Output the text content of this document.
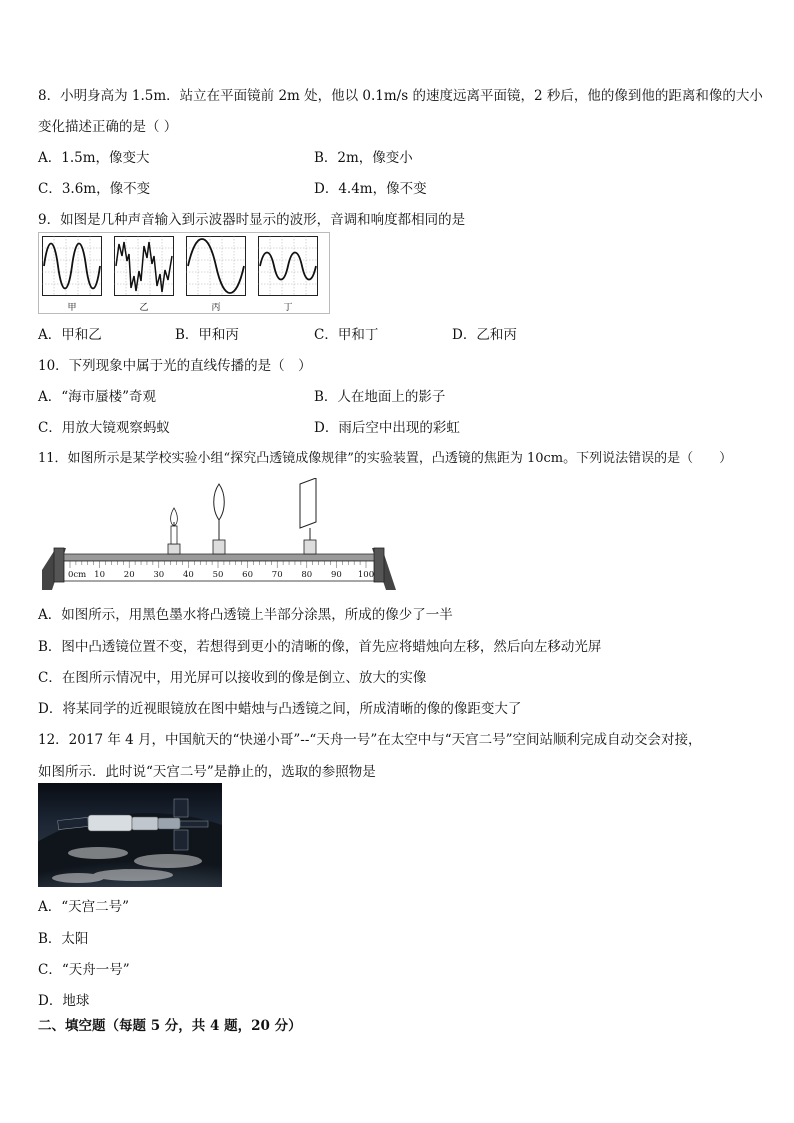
8．小明身高为 1.5m．站立在平面镜前 2m 处，他以 0.1m/s 的速度远离平面镜，2 秒后，他的像到他的距离和像的大小
变化描述正确的是（ ）
A．1.5m，像变大	B．2m，像变小
C．3.6m，像不变	D．4.4m，像不变
9．如图是几种声音输入到示波器时显示的波形，音调和响度都相同的是
甲	乙	丙	丁
A．甲和乙	B．甲和丙	C．甲和丁	D．乙和丙
10．下列现象中属于光的直线传播的是（　）
A．“海市蜃楼”奇观	B．人在地面上的影子
C．用放大镜观察蚂蚁	D．雨后空中出现的彩虹
11．如图所示是某学校实验小组“探究凸透镜成像规律”的实验装置，凸透镜的焦距为 10cm。下列说法错误的是（　　）
0cm 10 20 30 40 50 60 70 80 90 100
A．如图所示，用黑色墨水将凸透镜上半部分涂黑，所成的像少了一半
B．图中凸透镜位置不变，若想得到更小的清晰的像，首先应将蜡烛向左移，然后向左移动光屏
C．在图所示情况中，用光屏可以接收到的像是倒立、放大的实像
D．将某同学的近视眼镜放在图中蜡烛与凸透镜之间，所成清晰的像的像距变大了
12．2017 年 4 月，中国航天的“快递小哥”--“天舟一号”在太空中与“天宫二号”空间站顺利完成自动交会对接，
如图所示．此时说“天宫二号”是静止的，选取的参照物是
A．“天宫二号”
B．太阳
C．“天舟一号”
D．地球
二、填空题（每题 5 分，共 4 题，20 分）
